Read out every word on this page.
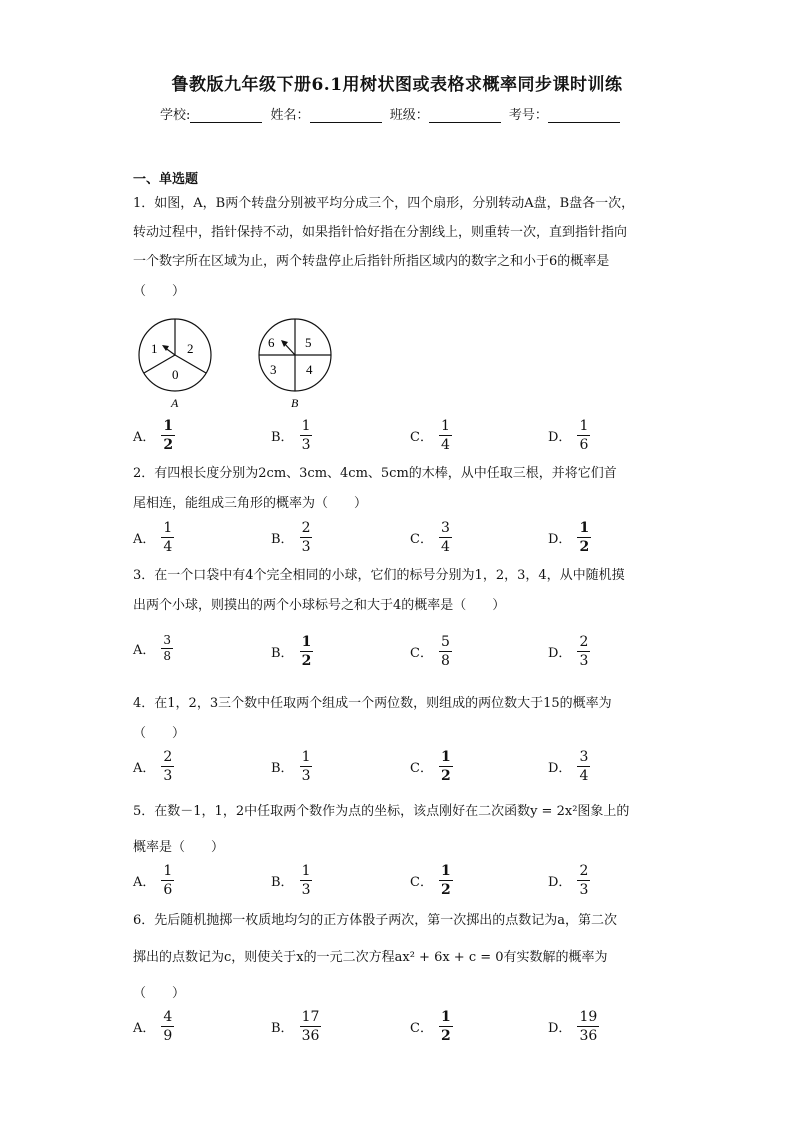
鲁教版九年级下册6.1用树状图或表格求概率同步课时训练
学校:	姓名：	班级：	考号：
一、单选题
1．如图，A，B两个转盘分别被平均分成三个，四个扇形，分别转动A盘，B盘各一次，
转动过程中，指针保持不动，如果指针恰好指在分割线上，则重转一次，直到指针指向
一个数字所在区域为止，两个转盘停止后指针所指区域内的数字之和小于6的概率是
（　　）
1 2
0
A
6 5
3 4
B
A． $\frac{1}{2}$	B． $\frac{1}{3}$	C． $\frac{1}{4}$	D． $\frac{1}{6}$
2．有四根长度分别为2cm、3cm、4cm、5cm的木棒，从中任取三根，并将它们首
尾相连，能组成三角形的概率为（　　）
A． $\frac{1}{4}$	B． $\frac{2}{3}$	C． $\frac{3}{4}$	D． $\frac{1}{2}$
3．在一个口袋中有4个完全相同的小球，它们的标号分别为1，2，3，4，从中随机摸
出两个小球，则摸出的两个小球标号之和大于4的概率是（　　）
A． $\frac{3}{8}$	B． $\frac{1}{2}$	C． $\frac{5}{8}$	D． $\frac{2}{3}$
4．在1，2，3三个数中任取两个组成一个两位数，则组成的两位数大于15的概率为
（　　）
A． $\frac{2}{3}$	B． $\frac{1}{3}$	C． $\frac{1}{2}$	D． $\frac{3}{4}$
5．在数－1，1，2中任取两个数作为点的坐标，该点刚好在二次函数y = 2x²图象上的
概率是（　　）
A． $\frac{1}{6}$	B． $\frac{1}{3}$	C． $\frac{1}{2}$	D． $\frac{2}{3}$
6．先后随机抛掷一枚质地均匀的正方体骰子两次，第一次掷出的点数记为a，第二次
掷出的点数记为c，则使关于x的一元二次方程ax² + 6x + c = 0有实数解的概率为
（　　）
A． $\frac{4}{9}$	B． $\frac{17}{36}$	C． $\frac{1}{2}$	D． $\frac{19}{36}$
